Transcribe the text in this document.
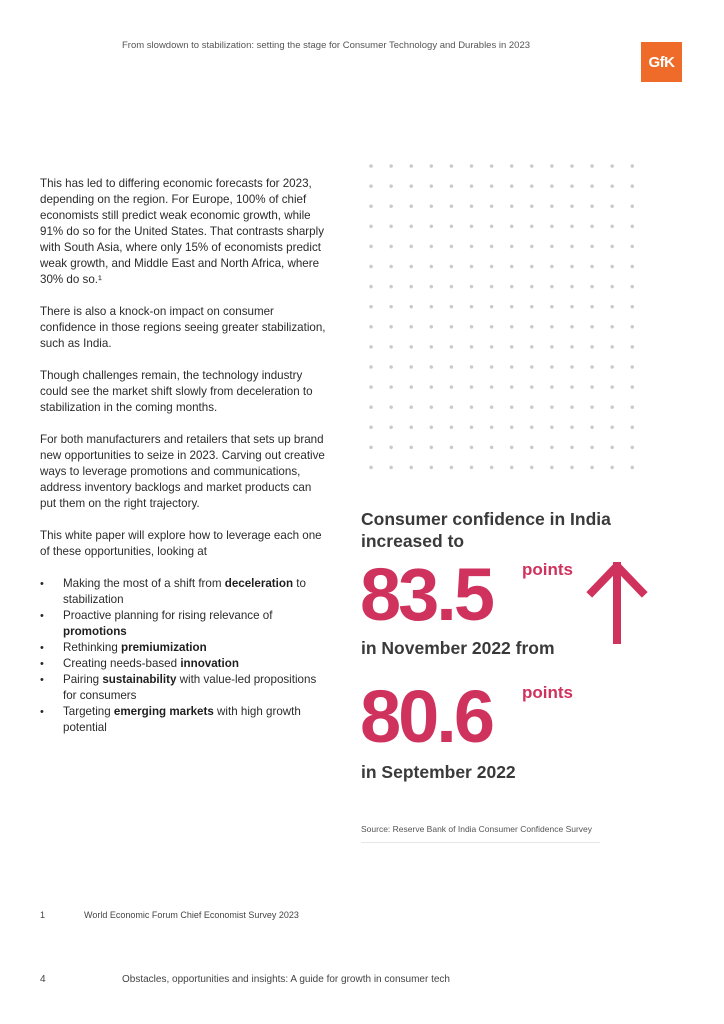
From slowdown to stabilization: setting the stage for Consumer Technology and Durables in 2023
GfK

This has led to differing economic forecasts for 2023, depending on the region. For Europe, 100% of chief economists still predict weak economic growth, while 91% do so for the United States. That contrasts sharply with South Asia, where only 15% of economists predict weak growth, and Middle East and North Africa, where 30% do so.¹

There is also a knock-on impact on consumer confidence in those regions seeing greater stabilization, such as India.

Though challenges remain, the technology industry could see the market shift slowly from deceleration to stabilization in the coming months.

For both manufacturers and retailers that sets up brand new opportunities to seize in 2023. Carving out creative ways to leverage promotions and communications, address inventory backlogs and market products can put them on the right trajectory.

This white paper will explore how to leverage each one of these opportunities, looking at

• Making the most of a shift from deceleration to stabilization
• Proactive planning for rising relevance of promotions
• Rethinking premiumization
• Creating needs-based innovation
• Pairing sustainability with value-led propositions for consumers
• Targeting emerging markets with high growth potential
Consumer confidence in India increased to
83.5 points
in November 2022 from
80.6 points
in September 2022
Source: Reserve Bank of India Consumer Confidence Survey
1	World Economic Forum Chief Economist Survey 2023
4	Obstacles, opportunities and insights: A guide for growth in consumer tech
